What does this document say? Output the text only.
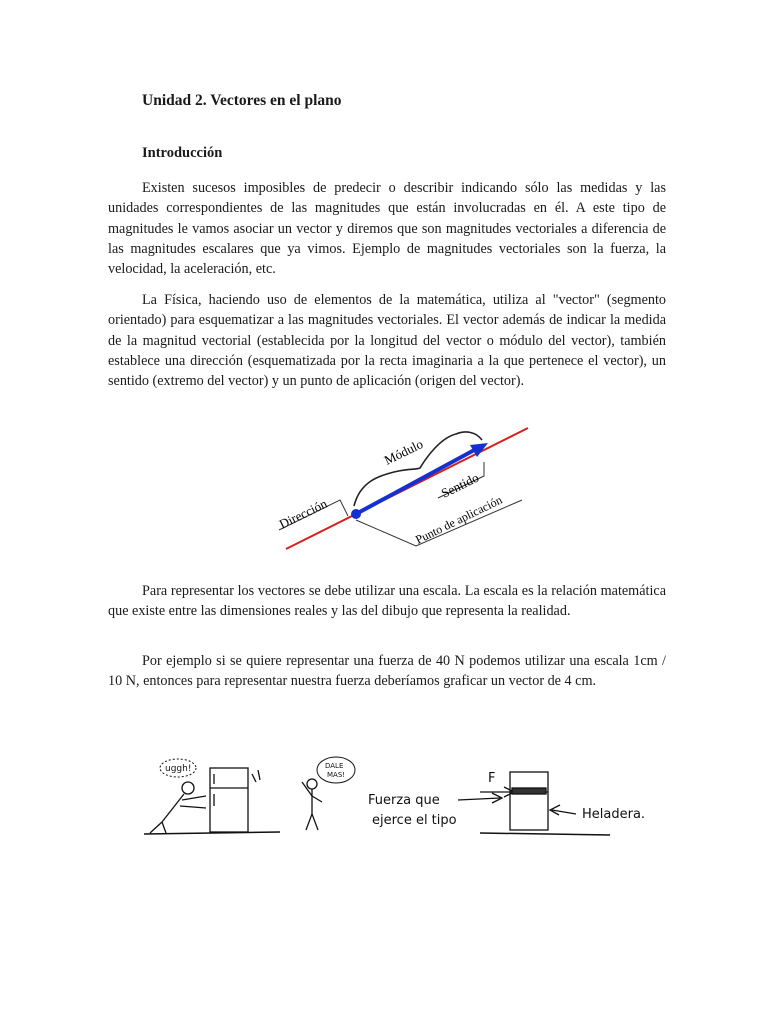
Unidad 2. Vectores en el plano
Introducción

Existen sucesos imposibles de predecir o describir indicando sólo las medidas y las unidades correspondientes de las magnitudes que están involucradas en él. A este tipo de magnitudes le vamos asociar un vector y diremos que son magnitudes vectoriales a diferencia de las magnitudes escalares que ya vimos. Ejemplo de magnitudes vectoriales son la fuerza, la velocidad, la aceleración, etc.

La Física, haciendo uso de elementos de la matemática, utiliza al "vector" (segmento orientado) para esquematizar a las magnitudes vectoriales. El vector además de indicar la medida de la magnitud vectorial (establecida por la longitud del vector o módulo del vector), también establece una dirección (esquematizada por la recta imaginaria a la que pertenece el vector), un sentido (extremo del vector) y un punto de aplicación (origen del vector).

Módulo
Dirección
Sentido
Punto de aplicación

Para representar los vectores se debe utilizar una escala. La escala es la relación matemática que existe entre las dimensiones reales y las del dibujo que representa la realidad.

Por ejemplo si se quiere representar una fuerza de 40 N podemos utilizar una escala 1cm / 10 N, entonces para representar nuestra fuerza deberíamos graficar un vector de 4 cm.

uggh!	DALE
MAS!
Fuerza que
ejerce el tipo
F
Heladera.
